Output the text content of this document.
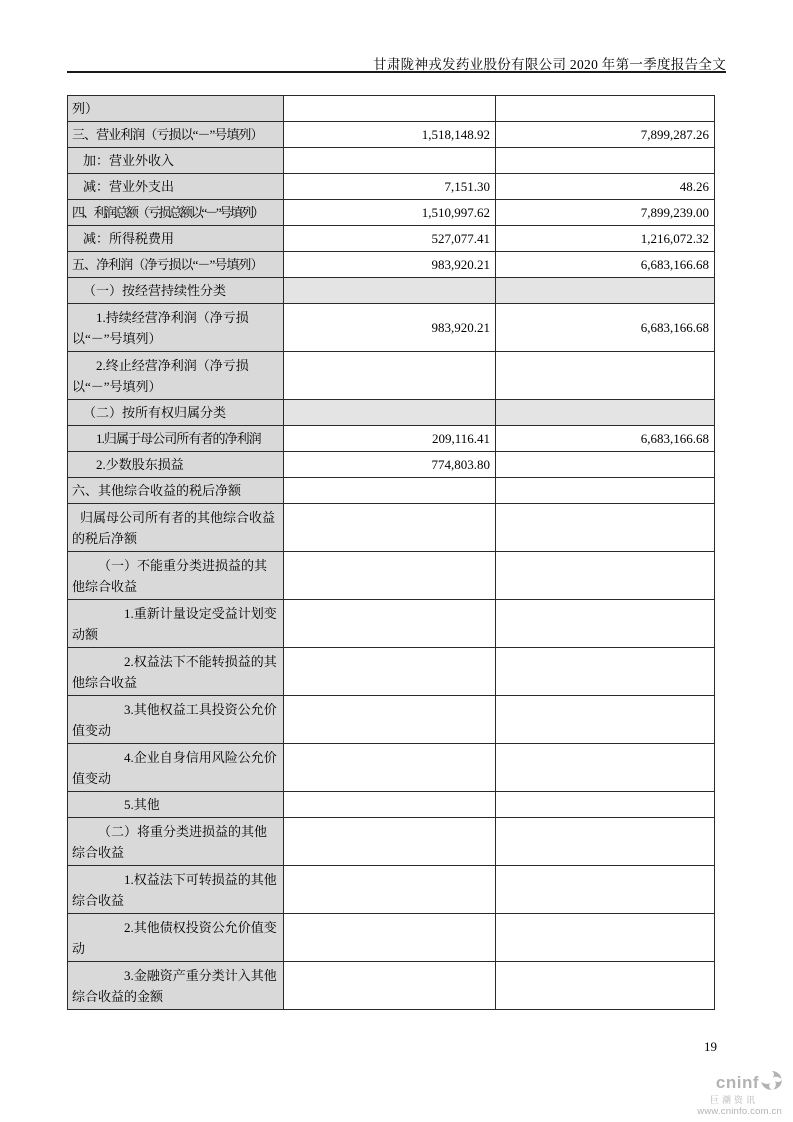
甘肃陇神戎发药业股份有限公司 2020 年第一季度报告全文
列）		
三、营业利润（亏损以“－”号填列）	1,518,148.92	7,899,287.26
加：营业外收入		
减：营业外支出	7,151.30	48.26
四、利润总额（亏损总额以“－”号填列）	1,510,997.62	7,899,239.00
减：所得税费用	527,077.41	1,216,072.32
五、净利润（净亏损以“－”号填列）	983,920.21	6,683,166.68
（一）按经营持续性分类		
1.持续经营净利润（净亏损以“－”号填列）	983,920.21	6,683,166.68
2.终止经营净利润（净亏损以“－”号填列）		
（二）按所有权归属分类		
1.归属于母公司所有者的净利润	209,116.41	6,683,166.68
2.少数股东损益	774,803.80	
六、其他综合收益的税后净额		
归属母公司所有者的其他综合收益的税后净额		
（一）不能重分类进损益的其他综合收益		
1.重新计量设定受益计划变动额		
2.权益法下不能转损益的其他综合收益		
3.其他权益工具投资公允价值变动		
4.企业自身信用风险公允价值变动		
5.其他		
（二）将重分类进损益的其他综合收益		
1.权益法下可转损益的其他综合收益		
2.其他债权投资公允价值变动		
3.金融资产重分类计入其他综合收益的金额		
19
cninf
巨潮资讯
www.cninfo.com.cn
